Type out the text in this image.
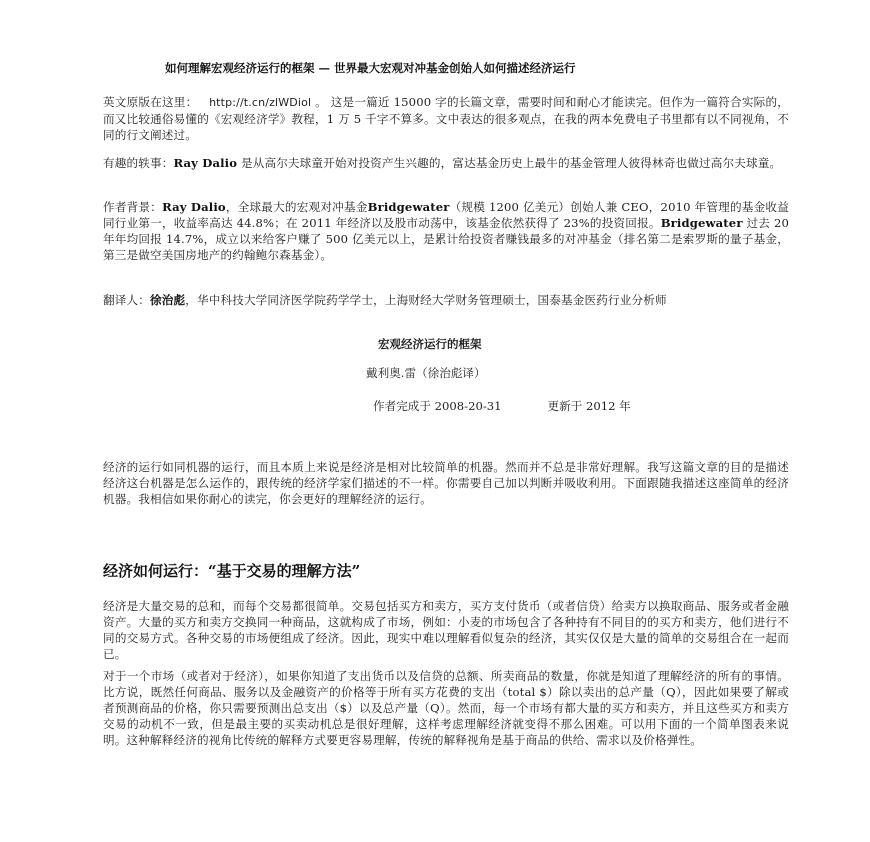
如何理解宏观经济运行的框架 — 世界最大宏观对冲基金创始人如何描述经济运行

英文原版在这里： http://t.cn/zlWDiol 。 这是一篇近 15000 字的长篇文章，需要时间和耐心才能读完。但作为一篇符合实际的，而又比较通俗易懂的《宏观经济学》教程，1 万 5 千字不算多。文中表达的很多观点，在我的两本免费电子书里都有以不同视角，不同的行文阐述过。

有趣的轶事：Ray Dalio 是从高尔夫球童开始对投资产生兴趣的，富达基金历史上最牛的基金管理人彼得林奇也做过高尔夫球童。

作者背景：Ray Dalio，全球最大的宏观对冲基金Bridgewater（规模 1200 亿美元）创始人兼 CEO，2010 年管理的基金收益同行业第一，收益率高达 44.8%；在 2011 年经济以及股市动荡中，该基金依然获得了 23%的投资回报。Bridgewater 过去 20 年年均回报 14.7%，成立以来给客户赚了 500 亿美元以上，是累计给投资者赚钱最多的对冲基金（排名第二是索罗斯的量子基金，第三是做空美国房地产的约翰鲍尔森基金）。

翻译人：徐治彪，华中科技大学同济医学院药学学士，上海财经大学财务管理硕士，国泰基金医药行业分析师

宏观经济运行的框架
戴利奥.雷（徐治彪译）
作者完成于 2008-20-31	更新于 2012 年

经济的运行如同机器的运行，而且本质上来说是经济是相对比较简单的机器。然而并不总是非常好理解。我写这篇文章的目的是描述经济这台机器是怎么运作的，跟传统的经济学家们描述的不一样。你需要自己加以判断并吸收利用。下面跟随我描述这座简单的经济机器。我相信如果你耐心的读完，你会更好的理解经济的运行。

经济如何运行：“基于交易的理解方法”

经济是大量交易的总和，而每个交易都很简单。交易包括买方和卖方，买方支付货币（或者信贷）给卖方以换取商品、服务或者金融资产。大量的买方和卖方交换同一种商品，这就构成了市场，例如：小麦的市场包含了各种持有不同目的的买方和卖方，他们进行不同的交易方式。各种交易的市场便组成了经济。因此，现实中难以理解看似复杂的经济，其实仅仅是大量的简单的交易组合在一起而已。

对于一个市场（或者对于经济），如果你知道了支出货币以及信贷的总额、所卖商品的数量，你就是知道了理解经济的所有的事情。比方说，既然任何商品、服务以及金融资产的价格等于所有买方花费的支出（total $）除以卖出的总产量（Q），因此如果要了解或者预测商品的价格，你只需要预测出总支出（$）以及总产量（Q）。然而，每一个市场有都大量的买方和卖方，并且这些买方和卖方交易的动机不一致，但是最主要的买卖动机总是很好理解，这样考虑理解经济就变得不那么困难。可以用下面的一个简单图表来说明。这种解释经济的视角比传统的解释方式要更容易理解，传统的解释视角是基于商品的供给、需求以及价格弹性。
